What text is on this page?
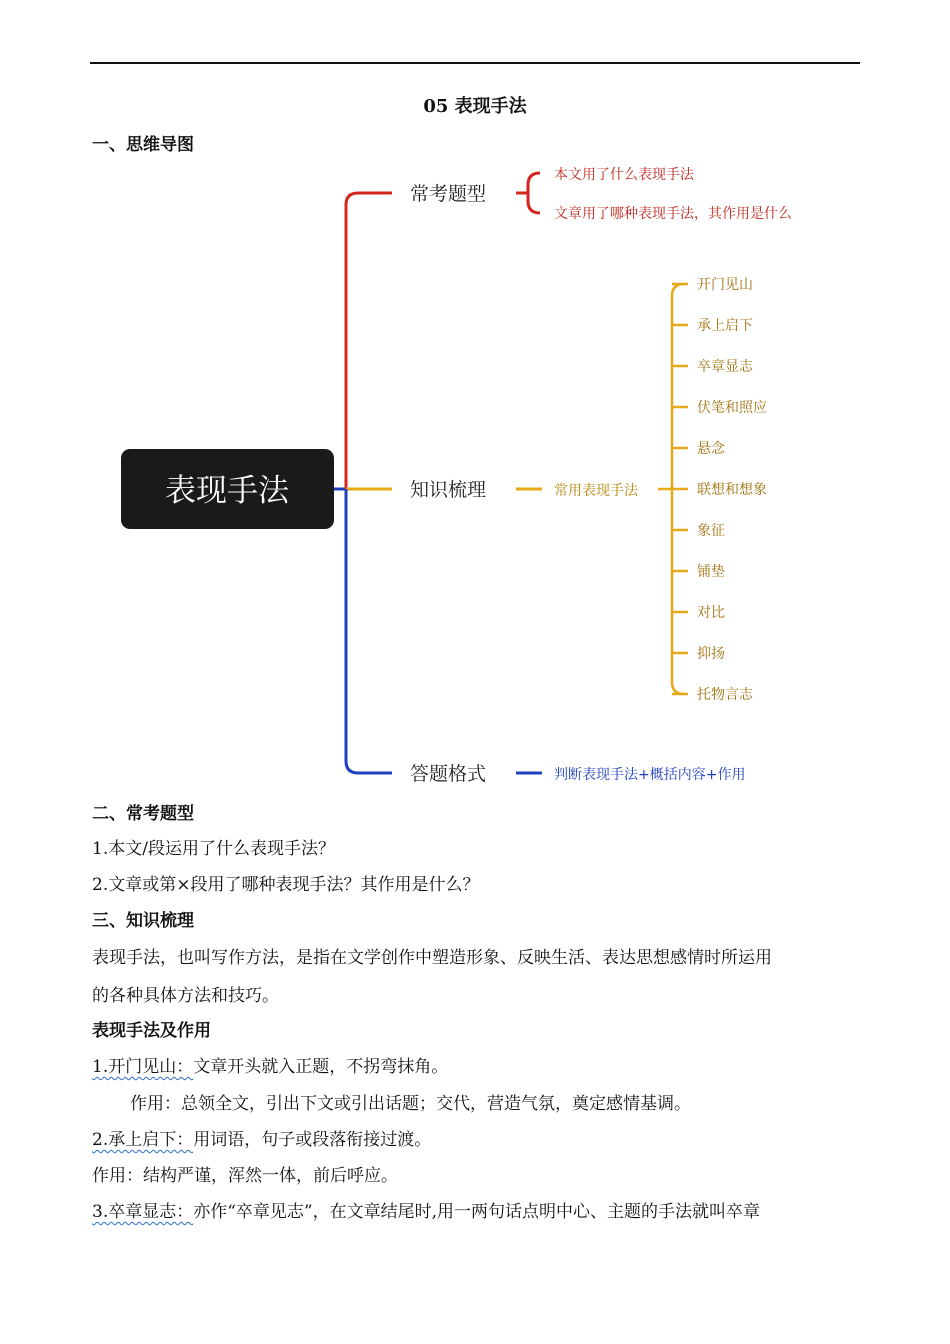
05 表现手法
一、思维导图
表现手法
常考题型
知识梳理
答题格式
本文用了什么表现手法
文章用了哪种表现手法，其作用是什么
常用表现手法
开门见山
承上启下
卒章显志
伏笔和照应
悬念
联想和想象
象征
铺垫
对比
抑扬
托物言志
判断表现手法+概括内容+作用
二、常考题型
1.本文/段运用了什么表现手法？
2.文章或第×段用了哪种表现手法？其作用是什么？
三、知识梳理
表现手法，也叫写作方法，是指在文学创作中塑造形象、反映生活、表达思想感情时所运用
的各种具体方法和技巧。
表现手法及作用
1.开门见山：文章开头就入正题，不拐弯抹角。
作用：总领全文，引出下文或引出话题；交代，营造气氛，奠定感情基调。
2.承上启下：用词语，句子或段落衔接过渡。
作用：结构严谨，浑然一体，前后呼应。
3.卒章显志：亦作“卒章见志”，在文章结尾时,用一两句话点明中心、主题的手法就叫卒章
